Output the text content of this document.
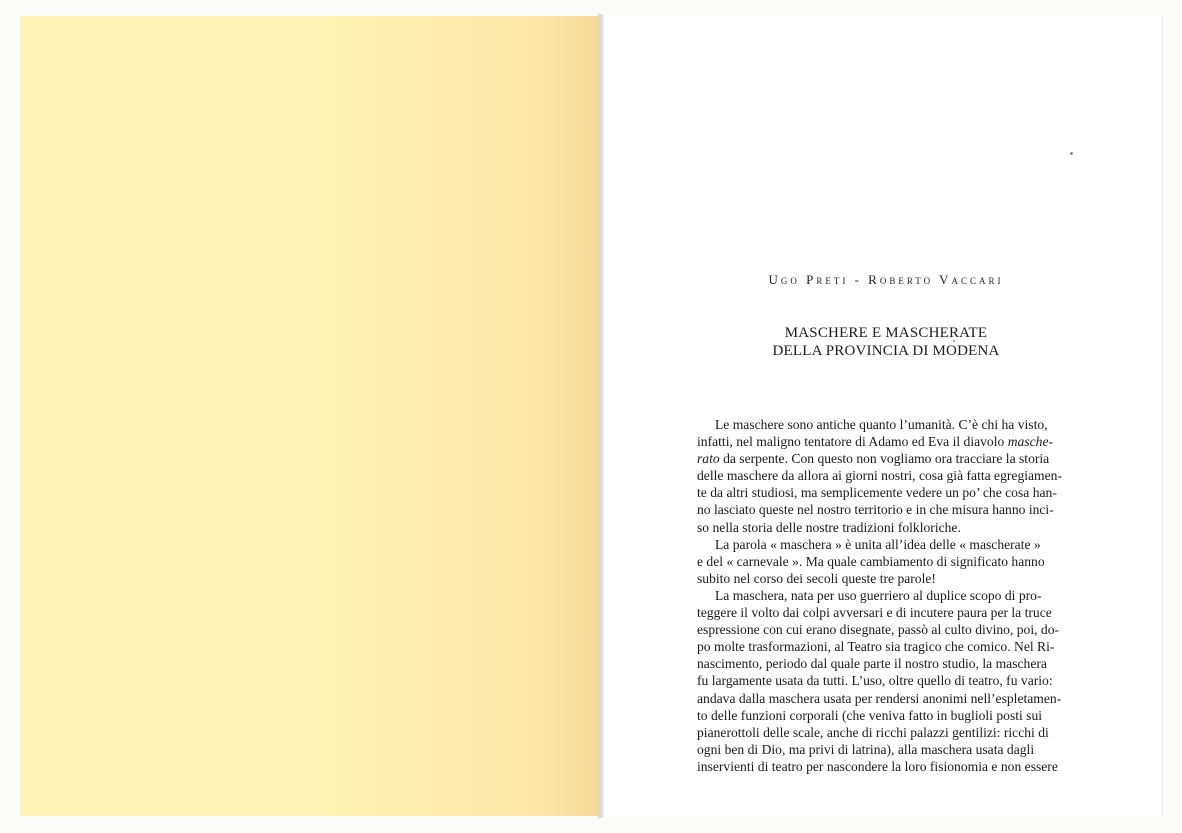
Ugo Preti - Roberto Vaccari
MASCHERE E MASCHERATE
DELLA PROVINCIA DI MODENA
Le maschere sono antiche quanto l’umanità. C’è chi ha visto,
infatti, nel maligno tentatore di Adamo ed Eva il diavolo masche-
rato da serpente. Con questo non vogliamo ora tracciare la storia
delle maschere da allora ai giorni nostri, cosa già fatta egregiamen-
te da altri studiosi, ma semplicemente vedere un po’ che cosa han-
no lasciato queste nel nostro territorio e in che misura hanno inci-
so nella storia delle nostre tradizioni folkloriche.
La parola « maschera » è unita all’idea delle « mascherate »
e del « carnevale ». Ma quale cambiamento di significato hanno
subito nel corso dei secoli queste tre parole!
La maschera, nata per uso guerriero al duplice scopo di pro-
teggere il volto dai colpi avversari e di incutere paura per la truce
espressione con cui erano disegnate, passò al culto divino, poi, do-
po molte trasformazioni, al Teatro sia tragico che comico. Nel Ri-
nascimento, periodo dal quale parte il nostro studio, la maschera
fu largamente usata da tutti. L’uso, oltre quello di teatro, fu vario:
andava dalla maschera usata per rendersi anonimi nell’espletamen-
to delle funzioni corporali (che veniva fatto in buglioli posti sui
pianerottoli delle scale, anche di ricchi palazzi gentilizi: ricchi di
ogni ben di Dio, ma privi di latrina), alla maschera usata dagli
inservienti di teatro per nascondere la loro fisionomia e non essere
